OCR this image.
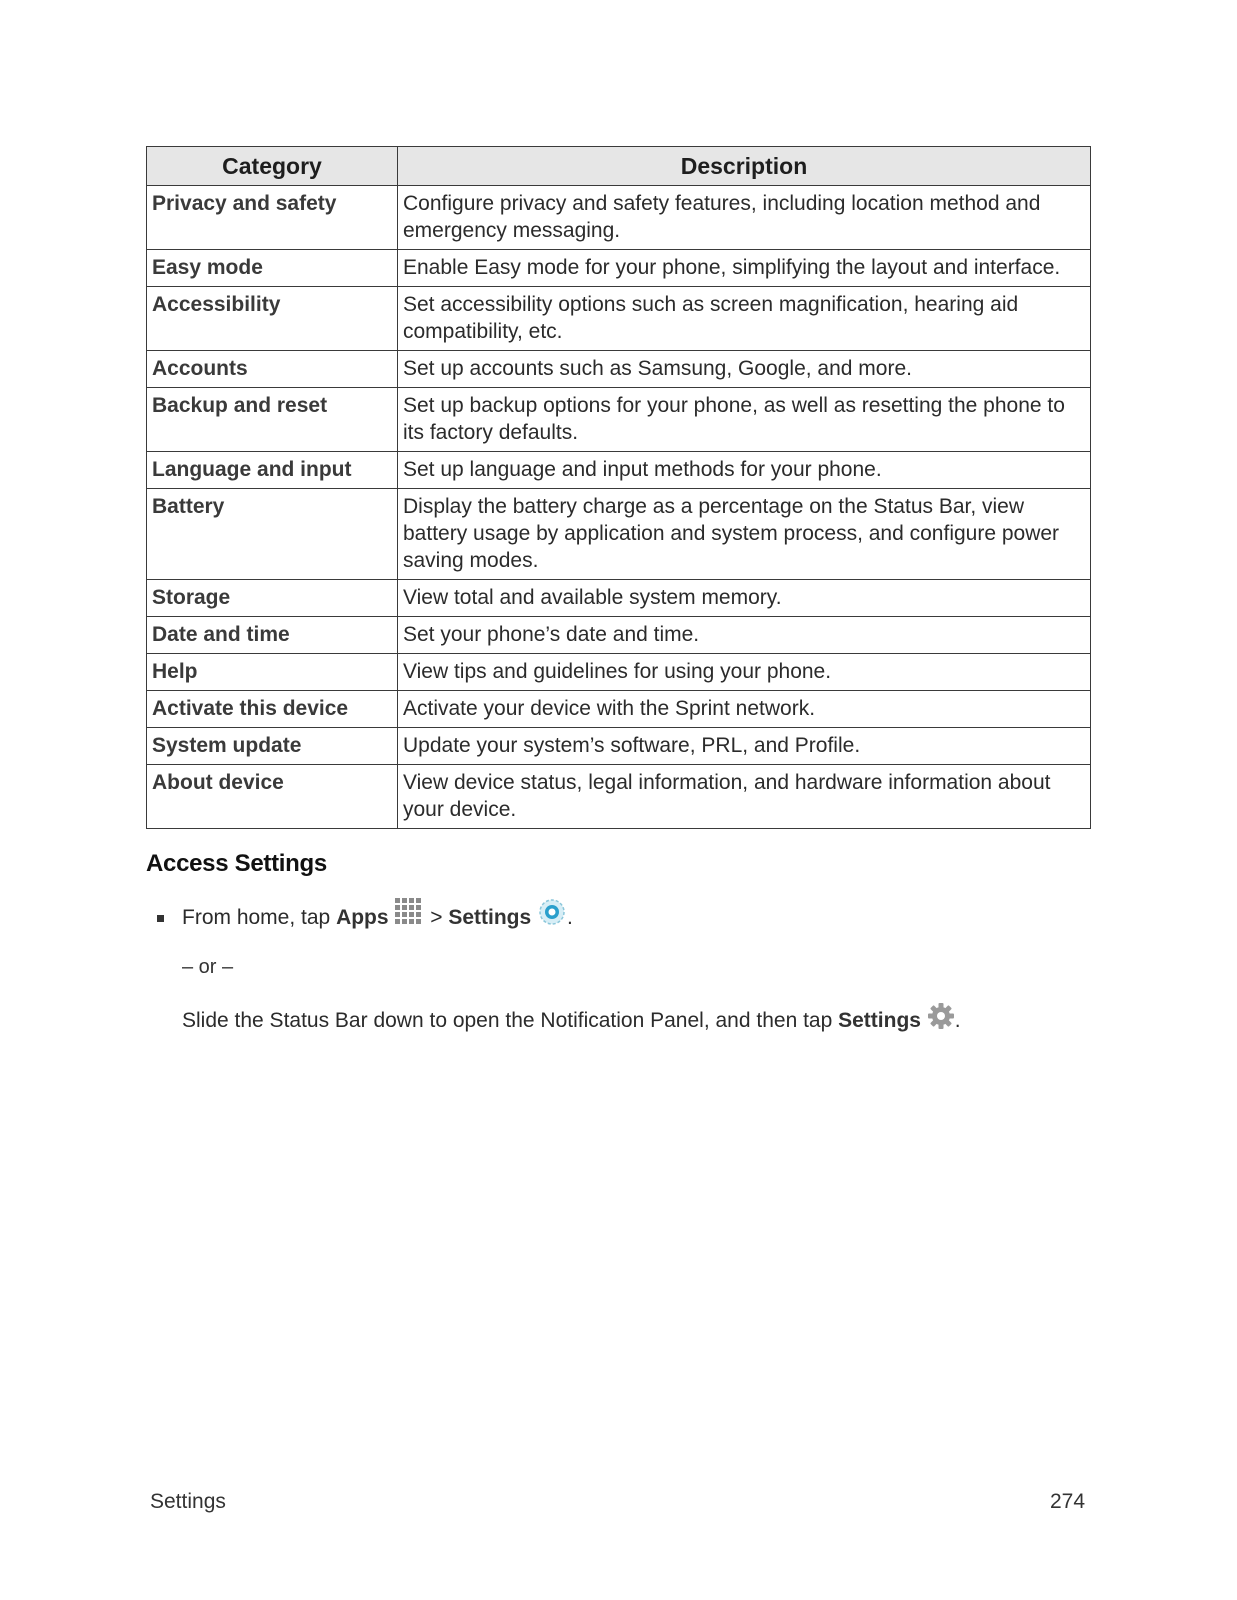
Category	Description
Privacy and safety	Configure privacy and safety features, including location method and emergency messaging.
Easy mode	Enable Easy mode for your phone, simplifying the layout and interface.
Accessibility	Set accessibility options such as screen magnification, hearing aid compatibility, etc.
Accounts	Set up accounts such as Samsung, Google, and more.
Backup and reset	Set up backup options for your phone, as well as resetting the phone to its factory defaults.
Language and input	Set up language and input methods for your phone.
Battery	Display the battery charge as a percentage on the Status Bar, view battery usage by application and system process, and configure power saving modes.
Storage	View total and available system memory.
Date and time	Set your phone’s date and time.
Help	View tips and guidelines for using your phone.
Activate this device	Activate your device with the Sprint network.
System update	Update your system’s software, PRL, and Profile.
About device	View device status, legal information, and hardware information about your device.
Access Settings
From home, tap Apps  > Settings .
– or –
Slide the Status Bar down to open the Notification Panel, and then tap Settings .
Settings	274
